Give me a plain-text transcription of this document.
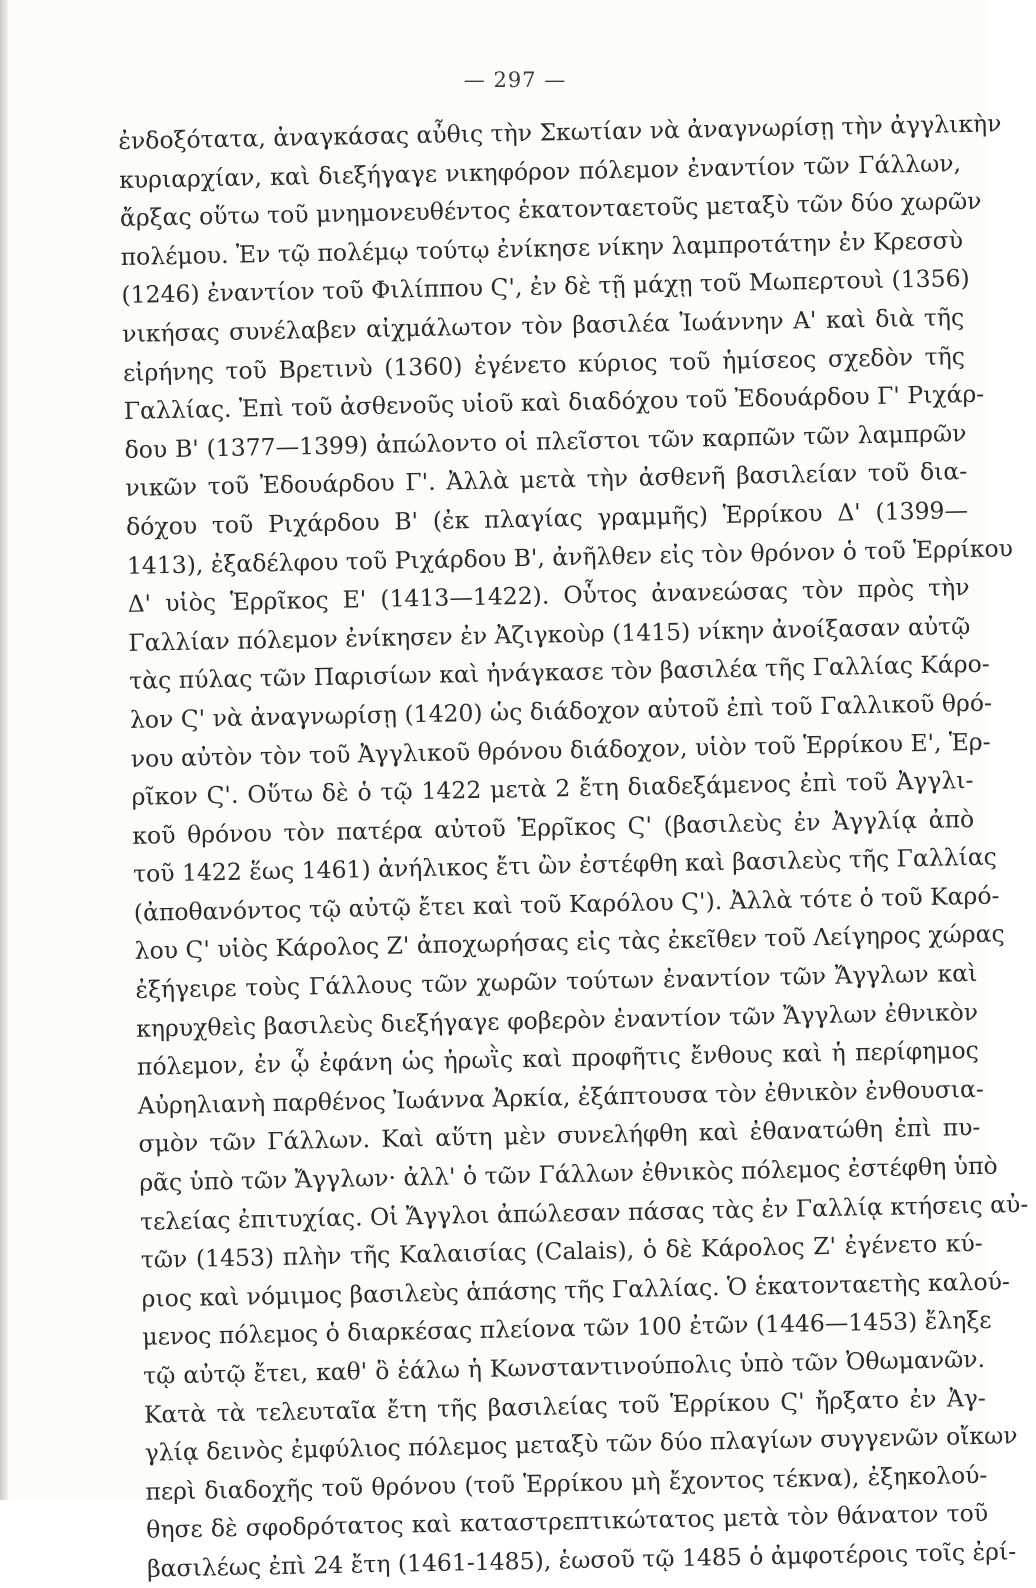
— 297 —
ἐνδοξότατα, ἀναγκάσας αὖθις τὴν Σκωτίαν νὰ ἀναγνωρίσῃ τὴν ἀγγλικὴν
κυριαρχίαν, καὶ διεξήγαγε νικηφόρον πόλεμον ἐναντίον τῶν Γάλλων,
ἄρξας οὕτω τοῦ μνημονευθέντος ἑκατονταετοῦς μεταξὺ τῶν δύο χωρῶν
πολέμου. Ἐν τῷ πολέμῳ τούτῳ ἐνίκησε νίκην λαμπροτάτην ἐν Κρεσσὺ
(1246) ἐναντίον τοῦ Φιλίππου Ϛ', ἐν δὲ τῇ μάχῃ τοῦ Μωπερτουὶ (1356)
νικήσας συνέλαβεν αἰχμάλωτον τὸν βασιλέα Ἰωάννην Α' καὶ διὰ τῆς
εἰρήνης τοῦ Βρετινὺ (1360) ἐγένετο κύριος τοῦ ἡμίσεος σχεδὸν τῆς
Γαλλίας. Ἐπὶ τοῦ ἀσθενοῦς υἱοῦ καὶ διαδόχου τοῦ Ἐδουάρδου Γ' Ριχάρ-
δου Β' (1377—1399) ἀπώλοντο οἱ πλεῖστοι τῶν καρπῶν τῶν λαμπρῶν
νικῶν τοῦ Ἐδουάρδου Γ'. Ἀλλὰ μετὰ τὴν ἀσθενῆ βασιλείαν τοῦ δια-
δόχου τοῦ Ριχάρδου Β' (ἐκ πλαγίας γραμμῆς) Ἑρρίκου Δ' (1399—
1413), ἐξαδέλφου τοῦ Ριχάρδου Β', ἀνῆλθεν εἰς τὸν θρόνον ὁ τοῦ Ἑρρίκου
Δ' υἱὸς Ἑρρῖκος Ε' (1413—1422). Οὗτος ἀνανεώσας τὸν πρὸς τὴν
Γαλλίαν πόλεμον ἐνίκησεν ἐν Ἀζιγκοὺρ (1415) νίκην ἀνοίξασαν αὐτῷ
τὰς πύλας τῶν Παρισίων καὶ ἠνάγκασε τὸν βασιλέα τῆς Γαλλίας Κάρο-
λον Ϛ' νὰ ἀναγνωρίσῃ (1420) ὡς διάδοχον αὐτοῦ ἐπὶ τοῦ Γαλλικοῦ θρό-
νου αὐτὸν τὸν τοῦ Ἀγγλικοῦ θρόνου διάδοχον, υἱὸν τοῦ Ἑρρίκου Ε', Ἑρ-
ρῖκον Ϛ'. Οὕτω δὲ ὁ τῷ 1422 μετὰ 2 ἔτη διαδεξάμενος ἐπὶ τοῦ Ἀγγλι-
κοῦ θρόνου τὸν πατέρα αὐτοῦ Ἑρρῖκος Ϛ' (βασιλεὺς ἐν Ἀγγλίᾳ ἀπὸ
τοῦ 1422 ἕως 1461) ἀνήλικος ἔτι ὢν ἐστέφθη καὶ βασιλεὺς τῆς Γαλλίας
(ἀποθανόντος τῷ αὐτῷ ἔτει καὶ τοῦ Καρόλου Ϛ'). Ἀλλὰ τότε ὁ τοῦ Καρό-
λου Ϛ' υἱὸς Κάρολος Ζ' ἀποχωρήσας εἰς τὰς ἐκεῖθεν τοῦ Λείγηρος χώρας
ἐξήγειρε τοὺς Γάλλους τῶν χωρῶν τούτων ἐναντίον τῶν Ἄγγλων καὶ
κηρυχθεὶς βασιλεὺς διεξήγαγε φοβερὸν ἐναντίον τῶν Ἄγγλων ἐθνικὸν
πόλεμον, ἐν ᾧ ἐφάνη ὡς ἡρωῒς καὶ προφῆτις ἔνθους καὶ ἡ περίφημος
Αὐρηλιανὴ παρθένος Ἰωάννα Ἀρκία, ἐξάπτουσα τὸν ἐθνικὸν ἐνθουσια-
σμὸν τῶν Γάλλων. Καὶ αὕτη μὲν συνελήφθη καὶ ἐθανατώθη ἐπὶ πυ-
ρᾶς ὑπὸ τῶν Ἄγγλων· ἀλλ' ὁ τῶν Γάλλων ἐθνικὸς πόλεμος ἐστέφθη ὑπὸ
τελείας ἐπιτυχίας. Οἱ Ἄγγλοι ἀπώλεσαν πάσας τὰς ἐν Γαλλίᾳ κτήσεις αὐ-
τῶν (1453) πλὴν τῆς Καλαισίας (Calais), ὁ δὲ Κάρολος Ζ' ἐγένετο κύ-
ριος καὶ νόμιμος βασιλεὺς ἁπάσης τῆς Γαλλίας. Ὁ ἑκατονταετὴς καλού-
μενος πόλεμος ὁ διαρκέσας πλείονα τῶν 100 ἐτῶν (1446—1453) ἔληξε
τῷ αὐτῷ ἔτει, καθ' ὃ ἑάλω ἡ Κωνσταντινούπολις ὑπὸ τῶν Ὀθωμανῶν.
Κατὰ τὰ τελευταῖα ἔτη τῆς βασιλείας τοῦ Ἑρρίκου Ϛ' ἤρξατο ἐν Ἀγ-
γλίᾳ δεινὸς ἐμφύλιος πόλεμος μεταξὺ τῶν δύο πλαγίων συγγενῶν οἴκων
περὶ διαδοχῆς τοῦ θρόνου (τοῦ Ἑρρίκου μὴ ἔχοντος τέκνα), ἐξηκολού-
θησε δὲ σφοδρότατος καὶ καταστρεπτικώτατος μετὰ τὸν θάνατον τοῦ
βασιλέως ἐπὶ 24 ἔτη (1461-1485), ἑωσοῦ τῷ 1485 ὁ ἀμφοτέροις τοῖς ἐρί-
